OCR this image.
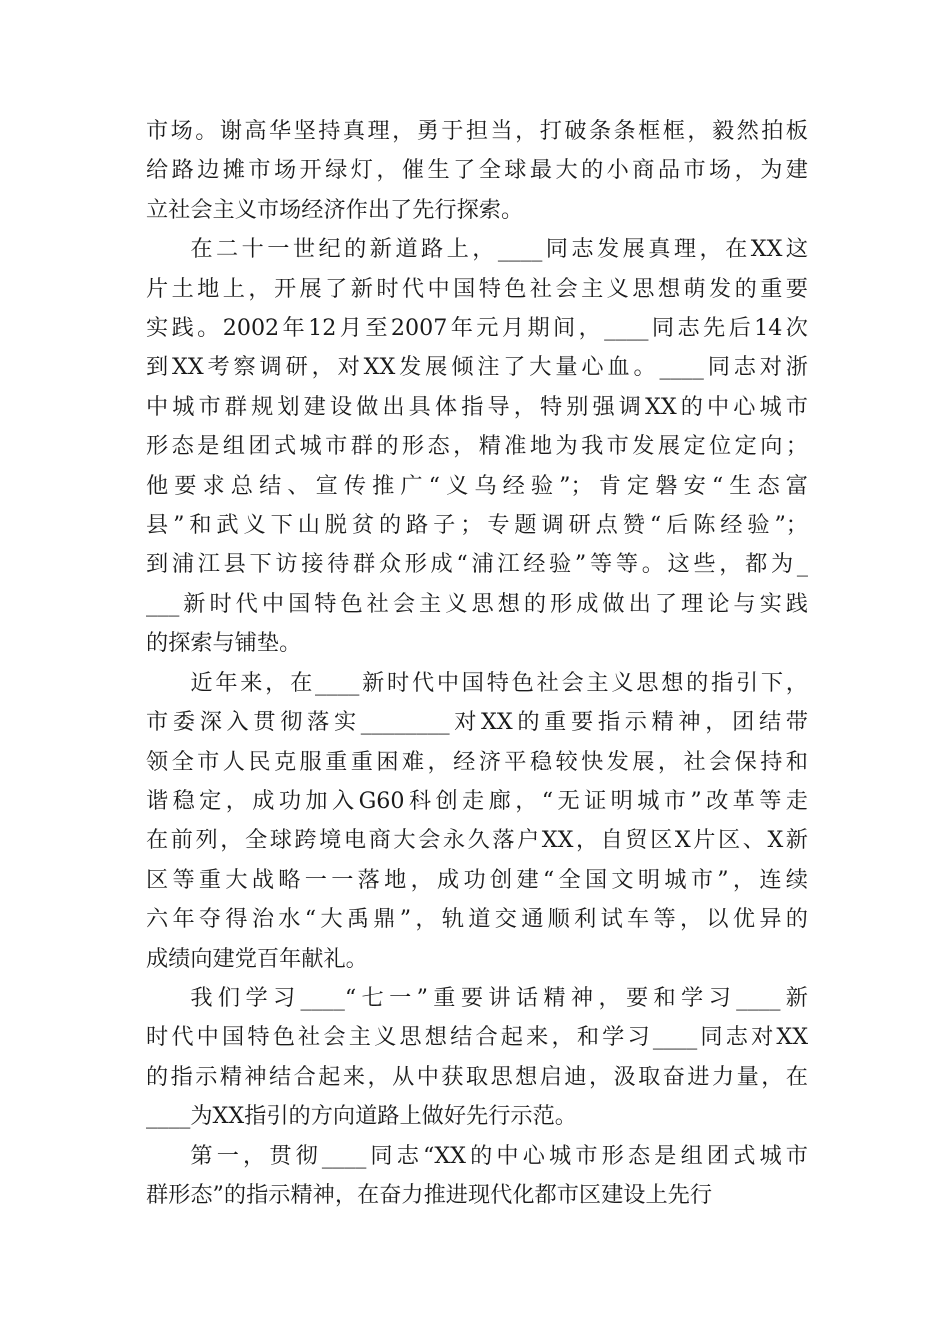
市场。谢高华坚持真理，勇于担当，打破条条框框，毅然拍板
给路边摊市场开绿灯，催生了全球最大的小商品市场，为建
立社会主义市场经济作出了先行探索。
在二十一世纪的新道路上，____同志发展真理，在XX这
片土地上，开展了新时代中国特色社会主义思想萌发的重要
实践。2002年12月至2007年元月期间，____同志先后14次
到XX考察调研，对XX发展倾注了大量心血。____同志对浙
中城市群规划建设做出具体指导，特别强调XX的中心城市
形态是组团式城市群的形态，精准地为我市发展定位定向；
他要求总结、宣传推广“义乌经验”；肯定磐安“生态富
县”和武义下山脱贫的路子；专题调研点赞“后陈经验”；
到浦江县下访接待群众形成“浦江经验”等等。这些，都为_
___新时代中国特色社会主义思想的形成做出了理论与实践
的探索与铺垫。
近年来，在____新时代中国特色社会主义思想的指引下，
市委深入贯彻落实________对XX的重要指示精神，团结带
领全市人民克服重重困难，经济平稳较快发展，社会保持和
谐稳定，成功加入G60科创走廊，“无证明城市”改革等走
在前列，全球跨境电商大会永久落户XX，自贸区X片区、X新
区等重大战略一一落地，成功创建“全国文明城市”，连续
六年夺得治水“大禹鼎”，轨道交通顺利试车等，以优异的
成绩向建党百年献礼。
我们学习____“七一”重要讲话精神，要和学习____新
时代中国特色社会主义思想结合起来，和学习____同志对XX
的指示精神结合起来，从中获取思想启迪，汲取奋进力量，在
____为XX指引的方向道路上做好先行示范。
第一，贯彻____同志“XX的中心城市形态是组团式城市
群形态”的指示精神，在奋力推进现代化都市区建设上先行
